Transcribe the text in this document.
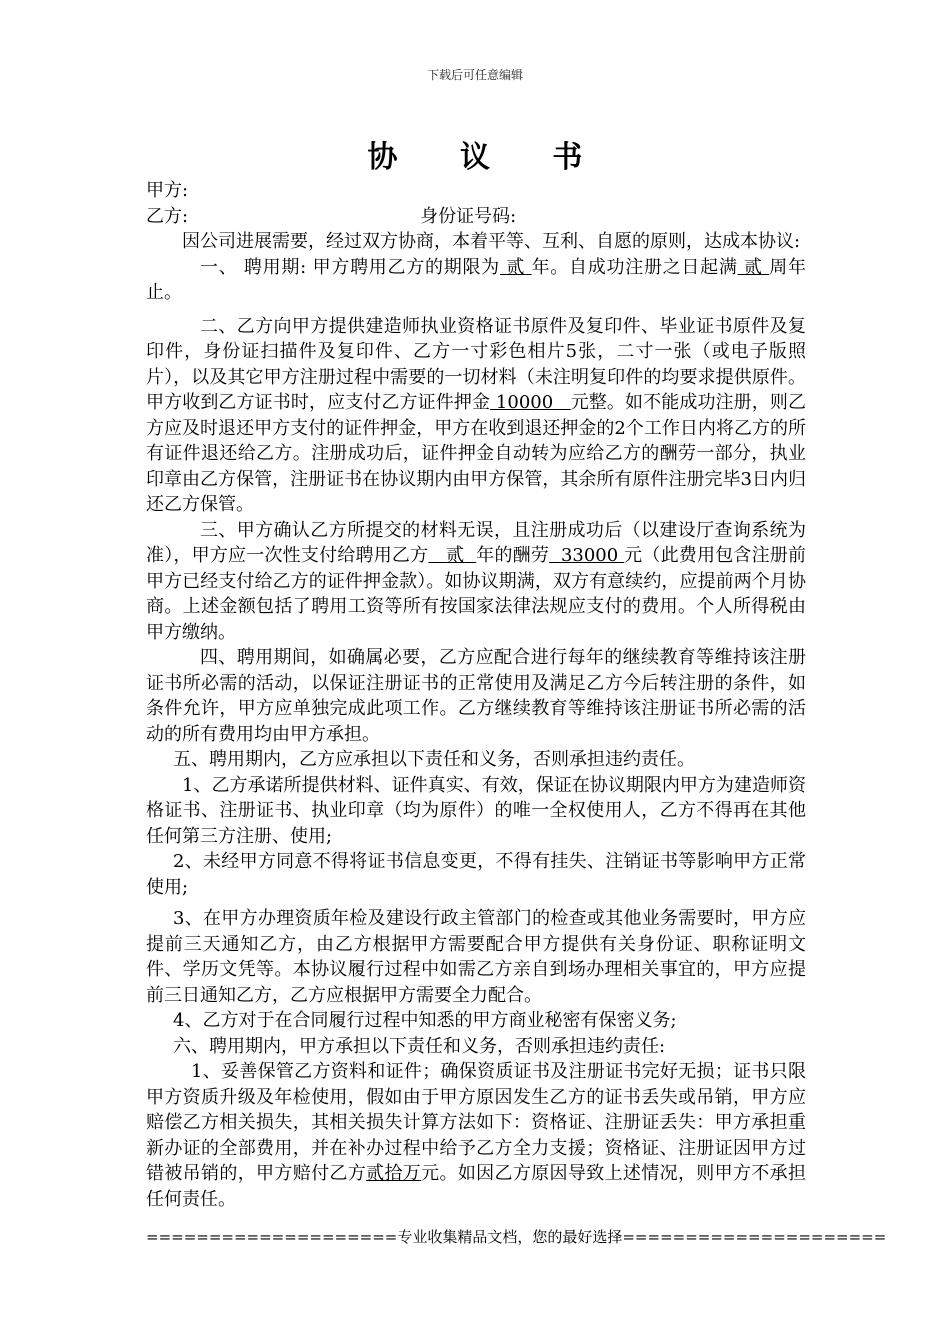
下载后可任意编辑
协 议 书
甲方:
乙方:	身份证号码:
因公司进展需要，经过双方协商，本着平等、互利、自愿的原则，达成本协议:
一、 聘用期: 甲方聘用乙方的期限为 贰 年。自成功注册之日起满 贰 周年止。
二、乙方向甲方提供建造师执业资格证书原件及复印件、毕业证书原件及复印件，身份证扫描件及复印件、乙方一寸彩色相片5张，二寸一张（或电子版照片），以及其它甲方注册过程中需要的一切材料（未注明复印件的均要求提供原件。甲方收到乙方证书时，应支付乙方证件押金 10000 元整。如不能成功注册，则乙方应及时退还甲方支付的证件押金，甲方在收到退还押金的2个工作日内将乙方的所有证件退还给乙方。注册成功后，证件押金自动转为应给乙方的酬劳一部分，执业印章由乙方保管，注册证书在协议期内由甲方保管，其余所有原件注册完毕3日内归还乙方保管。
三、甲方确认乙方所提交的材料无误，且注册成功后（以建设厅查询系统为准），甲方应一次性支付给聘用乙方 贰 年的酬劳 33000 元（此费用包含注册前甲方已经支付给乙方的证件押金款）。如协议期满，双方有意续约，应提前两个月协商。上述金额包括了聘用工资等所有按国家法律法规应支付的费用。个人所得税由甲方缴纳。
四、聘用期间，如确属必要，乙方应配合进行每年的继续教育等维持该注册证书所必需的活动，以保证注册证书的正常使用及满足乙方今后转注册的条件，如条件允许，甲方应单独完成此项工作。乙方继续教育等维持该注册证书所必需的活动的所有费用均由甲方承担。
五、聘用期内，乙方应承担以下责任和义务，否则承担违约责任。
1、乙方承诺所提供材料、证件真实、有效，保证在协议期限内甲方为建造师资格证书、注册证书、执业印章（均为原件）的唯一全权使用人，乙方不得再在其他任何第三方注册、使用;
2、未经甲方同意不得将证书信息变更，不得有挂失、注销证书等影响甲方正常使用;
3、在甲方办理资质年检及建设行政主管部门的检查或其他业务需要时，甲方应提前三天通知乙方，由乙方根据甲方需要配合甲方提供有关身份证、职称证明文件、学历文凭等。本协议履行过程中如需乙方亲自到场办理相关事宜的，甲方应提前三日通知乙方，乙方应根据甲方需要全力配合。
4、乙方对于在合同履行过程中知悉的甲方商业秘密有保密义务;
六、聘用期内，甲方承担以下责任和义务，否则承担违约责任:
1、妥善保管乙方资料和证件；确保资质证书及注册证书完好无损；证书只限甲方资质升级及年检使用，假如由于甲方原因发生乙方的证书丢失或吊销，甲方应赔偿乙方相关损失，其相关损失计算方法如下：资格证、注册证丢失：甲方承担重新办证的全部费用，并在补办过程中给予乙方全力支援；资格证、注册证因甲方过错被吊销的，甲方赔付乙方贰拾万元。如因乙方原因导致上述情况，则甲方不承担任何责任。
====================专业收集精品文档，您的最好选择=====================
